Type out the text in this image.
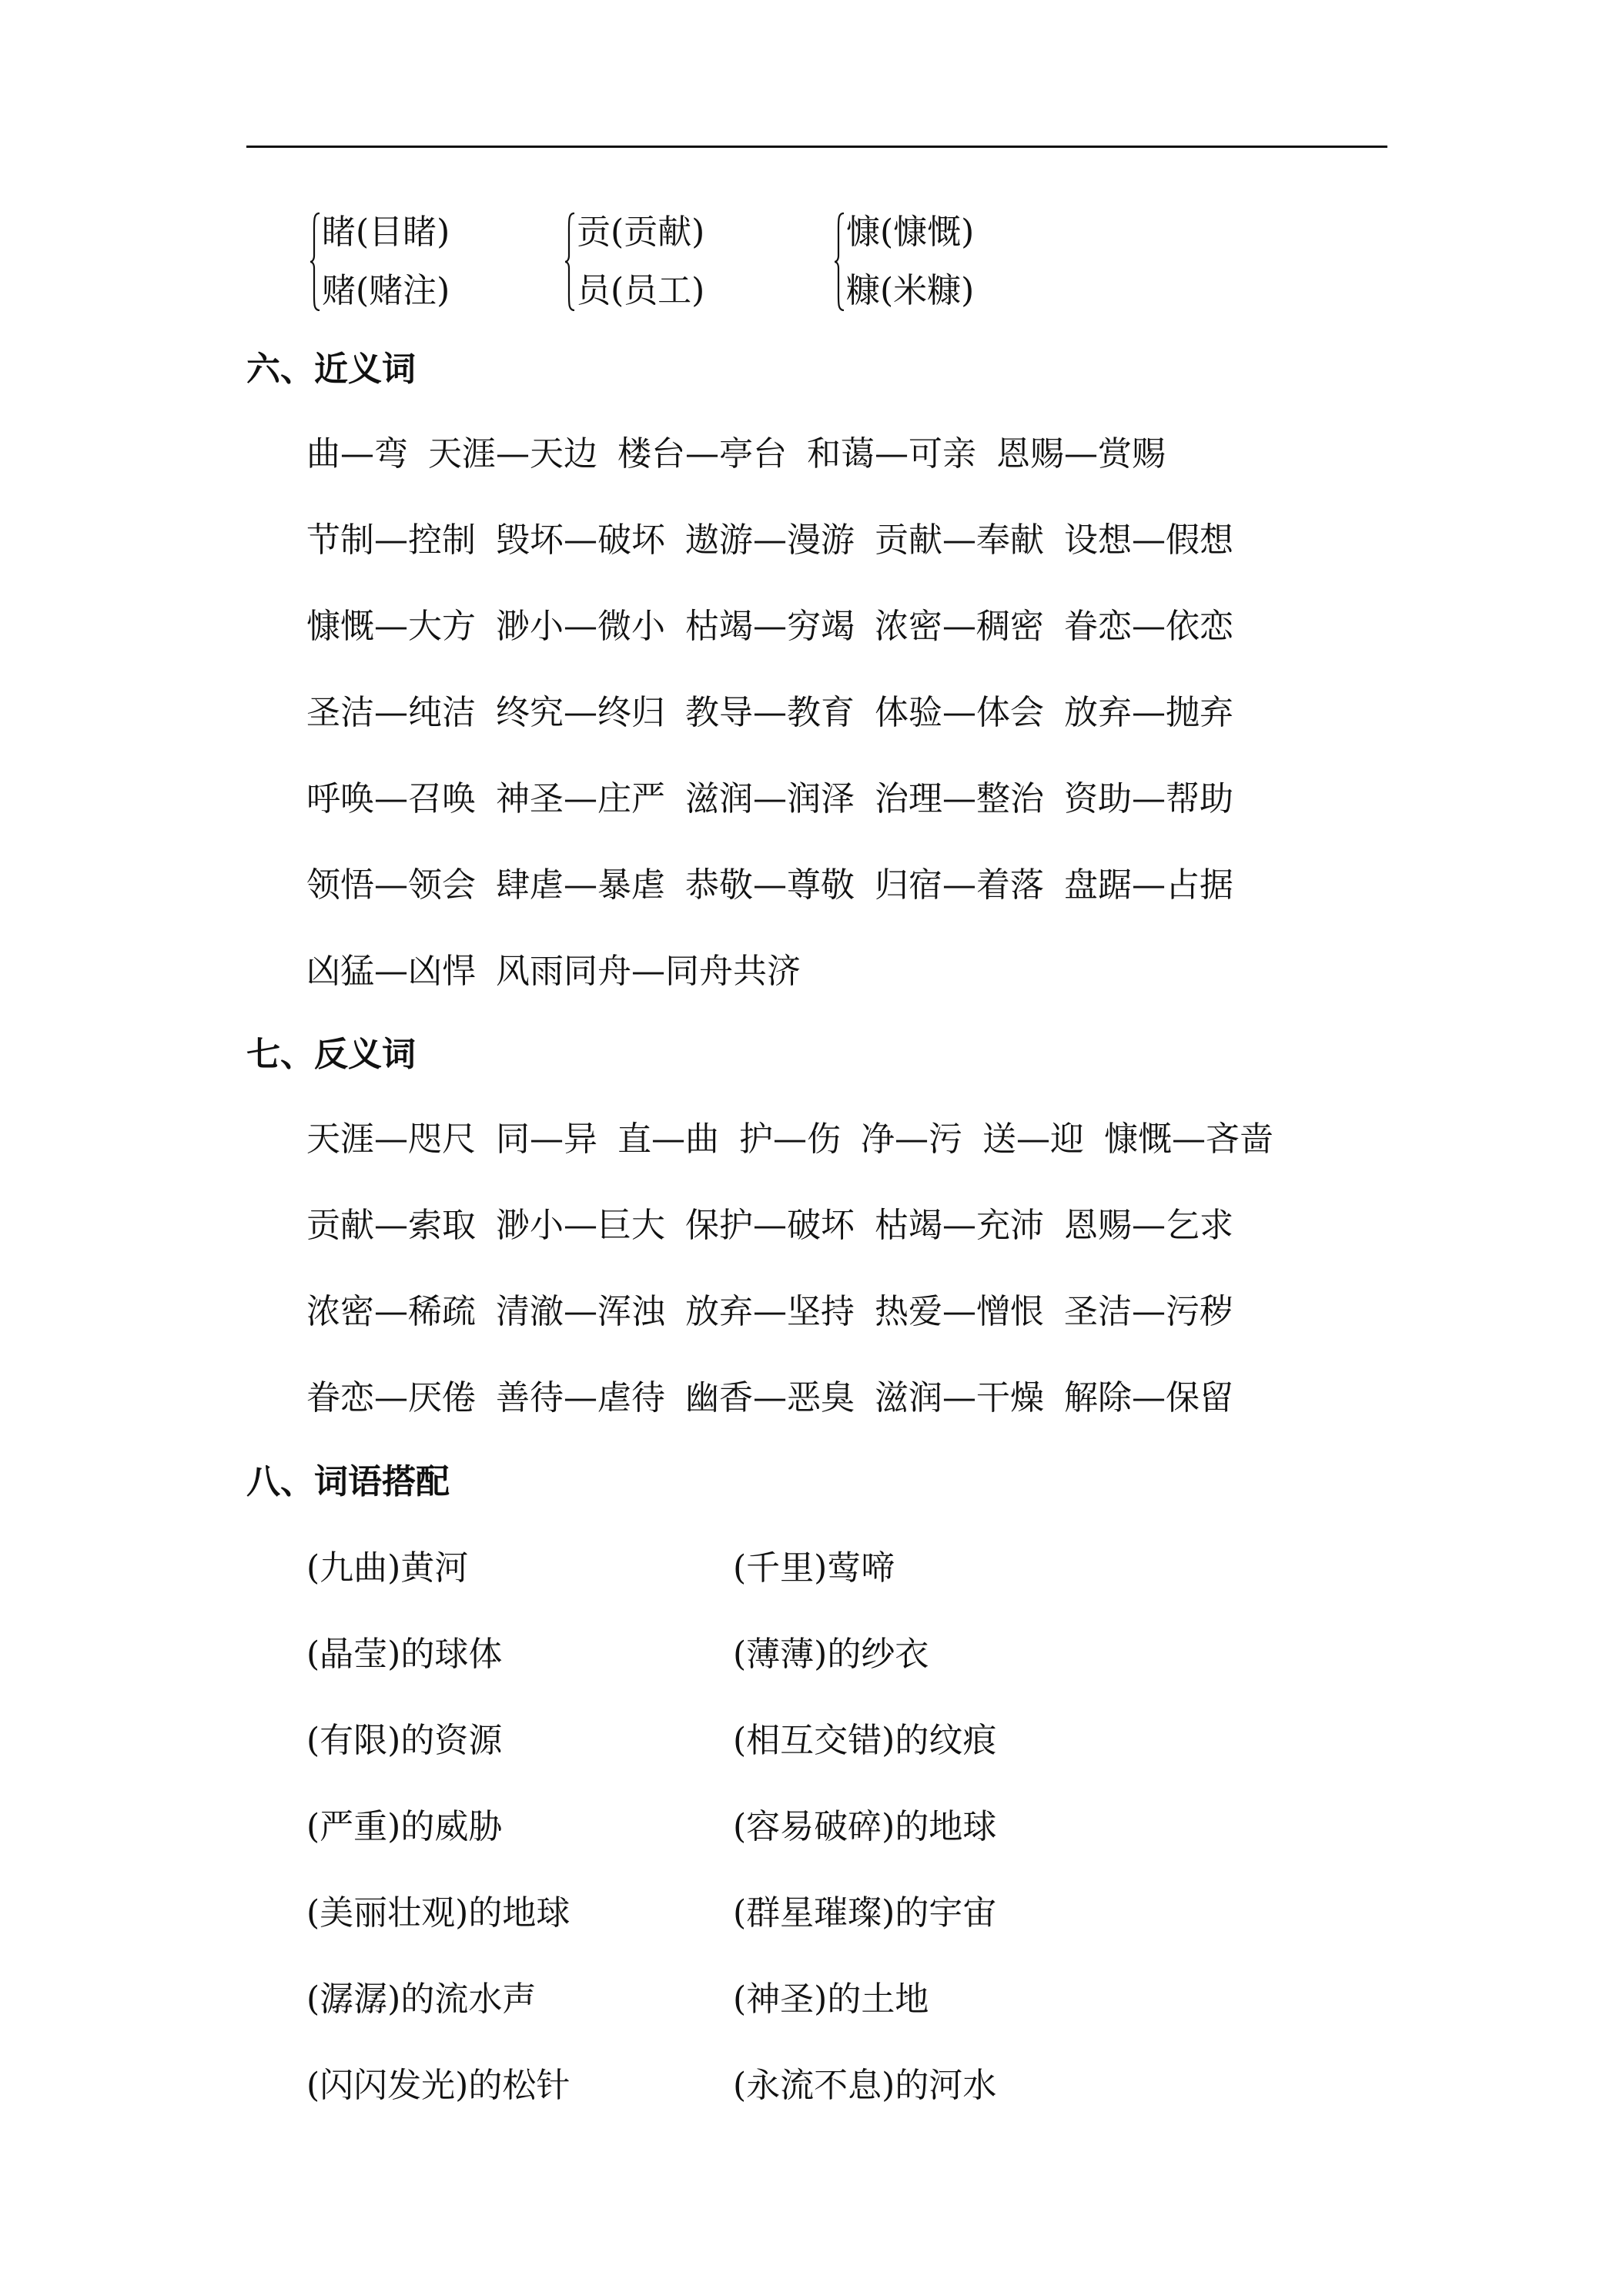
睹(目睹)
赌(赌注)
贡(贡献)
员(员工)
慷(慷慨)
糠(米糠)
六、近义词
曲—弯 天涯—天边 楼台—亭台 和蔼—可亲 恩赐—赏赐
节制—控制 毁坏—破坏 遨游—漫游 贡献—奉献 设想—假想
慷慨—大方 渺小—微小 枯竭—穷竭 浓密—稠密 眷恋—依恋
圣洁—纯洁 终究—终归 教导—教育 体验—体会 放弃—抛弃
呼唤—召唤 神圣—庄严 滋润—润泽 治理—整治 资助—帮助
领悟—领会 肆虐—暴虐 恭敬—尊敬 归宿—着落 盘踞—占据
凶猛—凶悍 风雨同舟—同舟共济
七、反义词
天涯—咫尺 同—异 直—曲 护—伤 净—污 送—迎 慷慨—吝啬
贡献—索取 渺小—巨大 保护—破坏 枯竭—充沛 恩赐—乞求
浓密—稀疏 清澈—浑浊 放弃—坚持 热爱—憎恨 圣洁—污秽
眷恋—厌倦 善待—虐待 幽香—恶臭 滋润—干燥 解除—保留
八、词语搭配
(九曲)黄河	(千里)莺啼
(晶莹)的球体	(薄薄)的纱衣
(有限)的资源	(相互交错)的纹痕
(严重)的威胁	(容易破碎)的地球
(美丽壮观)的地球	(群星璀璨)的宇宙
(潺潺)的流水声	(神圣)的土地
(闪闪发光)的松针	(永流不息)的河水
